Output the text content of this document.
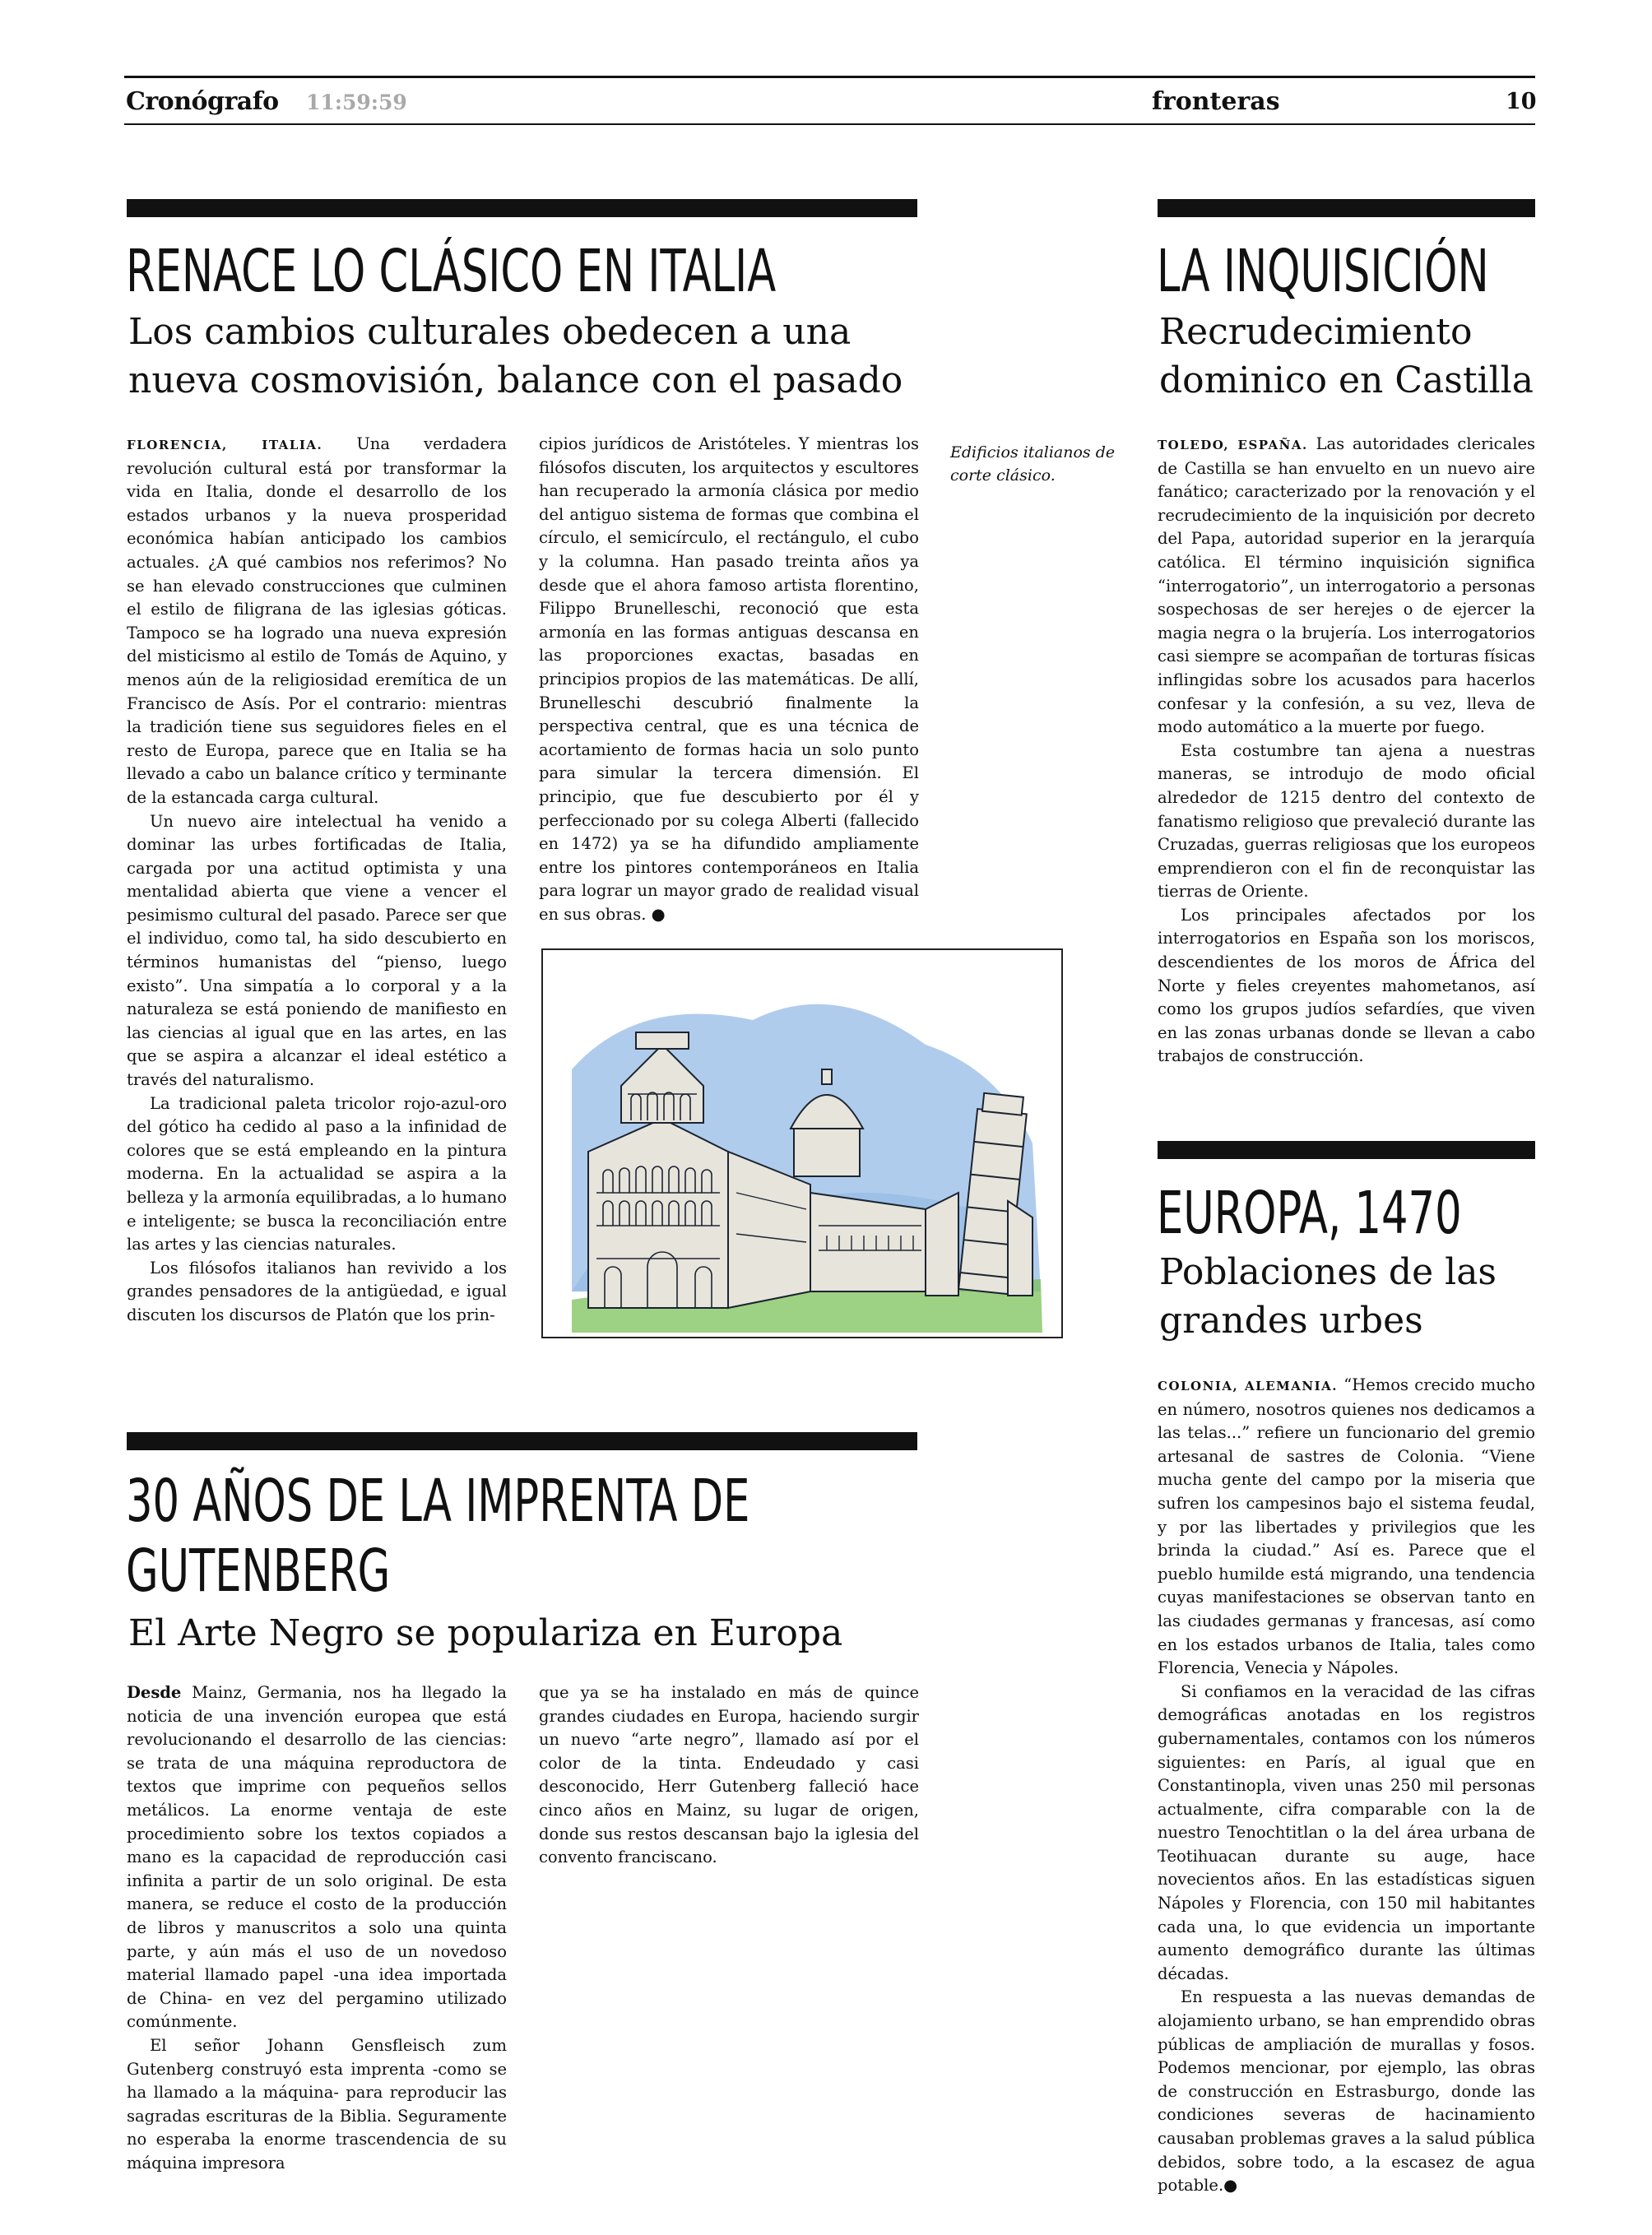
Cronógrafo 11:59:59	fronteras	10
RENACE LO CLÁSICO EN ITALIA
Los cambios culturales obedecen a una nueva cosmovisión, balance con el pasado

FLORENCIA, ITALIA. Una verdadera revolución cultural está por transformar la vida en Italia, donde el desarrollo de los estados urbanos y la nueva prosperidad económica habían anticipado los cambios actuales. ¿A qué cambios nos referimos? No se han elevado construcciones que culminen el estilo de filigrana de las iglesias góticas. Tampoco se ha logrado una nueva expresión del misticismo al estilo de Tomás de Aquino, y menos aún de la religiosidad eremítica de un Francisco de Asís. Por el contrario: mientras la tradición tiene sus seguidores fieles en el resto de Europa, parece que en Italia se ha llevado a cabo un balance crítico y terminante de la estancada carga cultural.

Un nuevo aire intelectual ha venido a dominar las urbes fortificadas de Italia, cargada por una actitud optimista y una mentalidad abierta que viene a vencer el pesimismo cultural del pasado. Parece ser que el individuo, como tal, ha sido descubierto en términos humanistas del “pienso, luego existo”. Una simpatía a lo corporal y a la naturaleza se está poniendo de manifiesto en las ciencias al igual que en las artes, en las que se aspira a alcanzar el ideal estético a través del naturalismo.

La tradicional paleta tricolor rojo-azul-oro del gótico ha cedido al paso a la infinidad de colores que se está empleando en la pintura moderna. En la actualidad se aspira a la belleza y la armonía equilibradas, a lo humano e inteligente; se busca la reconciliación entre las artes y las ciencias naturales.

Los filósofos italianos han revivido a los grandes pensadores de la antigüedad, e igual discuten los discursos de Platón que los prin-

cipios jurídicos de Aristóteles. Y mientras los filósofos discuten, los arquitectos y escultores han recuperado la armonía clásica por medio del antiguo sistema de formas que combina el círculo, el semicírculo, el rectángulo, el cubo y la columna. Han pasado treinta años ya desde que el ahora famoso artista florentino, Filippo Brunelleschi, reconoció que esta armonía en las formas antiguas descansa en las proporciones exactas, basadas en principios propios de las matemáticas. De allí, Brunelleschi descubrió finalmente la perspectiva central, que es una técnica de acortamiento de formas hacia un solo punto para simular la tercera dimensión. El principio, que fue descubierto por él y perfeccionado por su colega Alberti (fallecido en 1472) ya se ha difundido ampliamente entre los pintores contemporáneos en Italia para lograr un mayor grado de realidad visual en sus obras. ●

Edificios italianos de corte clásico.
LA INQUISICIÓN
Recrudecimiento dominico en Castilla

TOLEDO, ESPAÑA. Las autoridades clericales de Castilla se han envuelto en un nuevo aire fanático; caracterizado por la renovación y el recrudecimiento de la inquisición por decreto del Papa, autoridad superior en la jerarquía católica. El término inquisición significa “interrogatorio”, un interrogatorio a personas sospechosas de ser herejes o de ejercer la magia negra o la brujería. Los interrogatorios casi siempre se acompañan de torturas físicas inflingidas sobre los acusados para hacerlos confesar y la confesión, a su vez, lleva de modo automático a la muerte por fuego.

Esta costumbre tan ajena a nuestras maneras, se introdujo de modo oficial alrededor de 1215 dentro del contexto de fanatismo religioso que prevaleció durante las Cruzadas, guerras religiosas que los europeos emprendieron con el fin de reconquistar las tierras de Oriente.

Los principales afectados por los interrogatorios en España son los moriscos, descendientes de los moros de África del Norte y fieles creyentes mahometanos, así como los grupos judíos sefardíes, que viven en las zonas urbanas donde se llevan a cabo trabajos de construcción.

EUROPA, 1470
Poblaciones de las grandes urbes

COLONIA, ALEMANIA. “Hemos crecido mucho en número, nosotros quienes nos dedicamos a las telas...” refiere un funcionario del gremio artesanal de sastres de Colonia. “Viene mucha gente del campo por la miseria que sufren los campesinos bajo el sistema feudal, y por las libertades y privilegios que les brinda la ciudad.” Así es. Parece que el pueblo humilde está migrando, una tendencia cuyas manifestaciones se observan tanto en las ciudades germanas y francesas, así como en los estados urbanos de Italia, tales como Florencia, Venecia y Nápoles.

Si confiamos en la veracidad de las cifras demográficas anotadas en los registros gubernamentales, contamos con los números siguientes: en París, al igual que en Constantinopla, viven unas 250 mil personas actualmente, cifra comparable con la de nuestro Tenochtitlan o la del área urbana de Teotihuacan durante su auge, hace novecientos años. En las estadísticas siguen Nápoles y Florencia, con 150 mil habitantes cada una, lo que evidencia un importante aumento demográfico durante las últimas décadas.

En respuesta a las nuevas demandas de alojamiento urbano, se han emprendido obras públicas de ampliación de murallas y fosos. Podemos mencionar, por ejemplo, las obras de construcción en Estrasburgo, donde las condiciones severas de hacinamiento causaban problemas graves a la salud pública debidos, sobre todo, a la escasez de agua potable.●

30 AÑOS DE LA IMPRENTA DE
GUTENBERG
El Arte Negro se populariza en Europa

Desde Mainz, Germania, nos ha llegado la noticia de una invención europea que está revolucionando el desarrollo de las ciencias: se trata de una máquina reproductora de textos que imprime con pequeños sellos metálicos. La enorme ventaja de este procedimiento sobre los textos copiados a mano es la capacidad de reproducción casi infinita a partir de un solo original. De esta manera, se reduce el costo de la producción de libros y manuscritos a solo una quinta parte, y aún más el uso de un novedoso material llamado papel -una idea importada de China- en vez del pergamino utilizado comúnmente.

El señor Johann Gensfleisch zum Gutenberg construyó esta imprenta -como se ha llamado a la máquina- para reproducir las sagradas escrituras de la Biblia. Seguramente no esperaba la enorme trascendencia de su máquina impresora

que ya se ha instalado en más de quince grandes ciudades en Europa, haciendo surgir un nuevo “arte negro”, llamado así por el color de la tinta. Endeudado y casi desconocido, Herr Gutenberg falleció hace cinco años en Mainz, su lugar de origen, donde sus restos descansan bajo la iglesia del convento franciscano.
